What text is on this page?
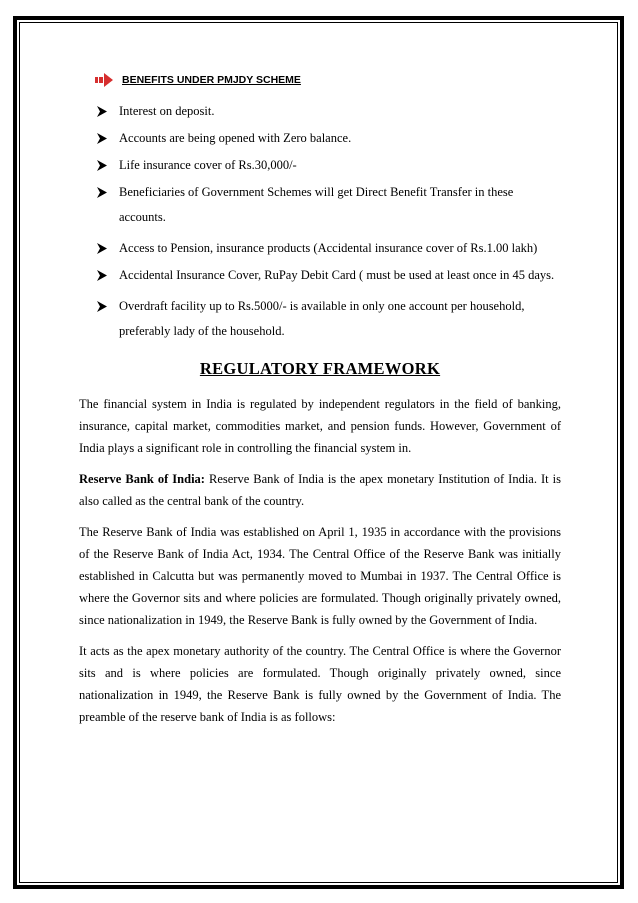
BENEFITS UNDER PMJDY SCHEME
Interest on deposit.
Accounts are being opened with Zero balance.
Life insurance cover of Rs.30,000/-
Beneficiaries of Government Schemes will get Direct Benefit Transfer in these accounts.
Access to Pension, insurance products (Accidental insurance cover of Rs.1.00 lakh)
Accidental Insurance Cover, RuPay Debit Card ( must be used at least once in 45 days.
Overdraft facility up to Rs.5000/- is available in only one account per household, preferably lady of the household.
REGULATORY FRAMEWORK

The financial system in India is regulated by independent regulators in the field of banking, insurance, capital market, commodities market, and pension funds. However, Government of India plays a significant role in controlling the financial system in.

Reserve Bank of India: Reserve Bank of India is the apex monetary Institution of India. It is also called as the central bank of the country.

The Reserve Bank of India was established on April 1, 1935 in accordance with the provisions of the Reserve Bank of India Act, 1934. The Central Office of the Reserve Bank was initially established in Calcutta but was permanently moved to Mumbai in 1937. The Central Office is where the Governor sits and where policies are formulated. Though originally privately owned, since nationalization in 1949, the Reserve Bank is fully owned by the Government of India.

It acts as the apex monetary authority of the country. The Central Office is where the Governor sits and is where policies are formulated. Though originally privately owned, since nationalization in 1949, the Reserve Bank is fully owned by the Government of India. The preamble of the reserve bank of India is as follows:
